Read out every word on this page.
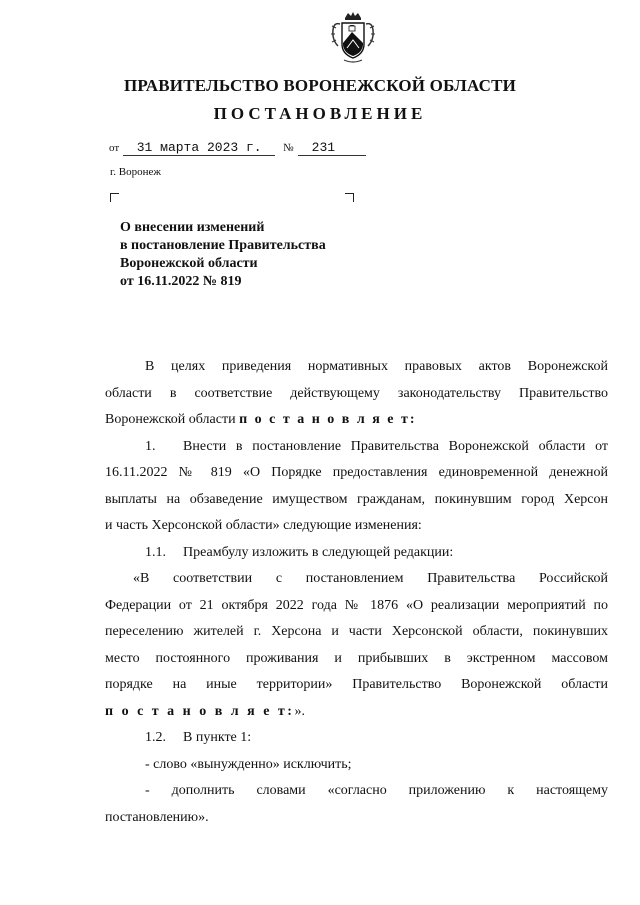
ПРАВИТЕЛЬСТВО ВОРОНЕЖСКОЙ ОБЛАСТИ
ПОСТАНОВЛЕНИЕ
от 31 марта 2023 г. № 231
г. Воронеж
О внесении изменений
в постановление Правительства
Воронежской области
от 16.11.2022 № 819
В целях приведения нормативных правовых актов Воронежской
области в соответствие действующему законодательству Правительство
Воронежской области п о с т а н о в л я е т:
1. Внести в постановление Правительства Воронежской области от
16.11.2022 № 819 «О Порядке предоставления единовременной денежной
выплаты на обзаведение имуществом гражданам, покинувшим город Херсон
и часть Херсонской области» следующие изменения:
1.1. Преамбулу изложить в следующей редакции:
«В соответствии с постановлением Правительства Российской
Федерации от 21 октября 2022 года № 1876 «О реализации мероприятий по
переселению жителей г. Херсона и части Херсонской области, покинувших
место постоянного проживания и прибывших в экстренном массовом
порядке на иные территории» Правительство Воронежской области
п о с т а н о в л я е т:».
1.2. В пункте 1:
- слово «вынужденно» исключить;
- дополнить словами «согласно приложению к настоящему
постановлению».
